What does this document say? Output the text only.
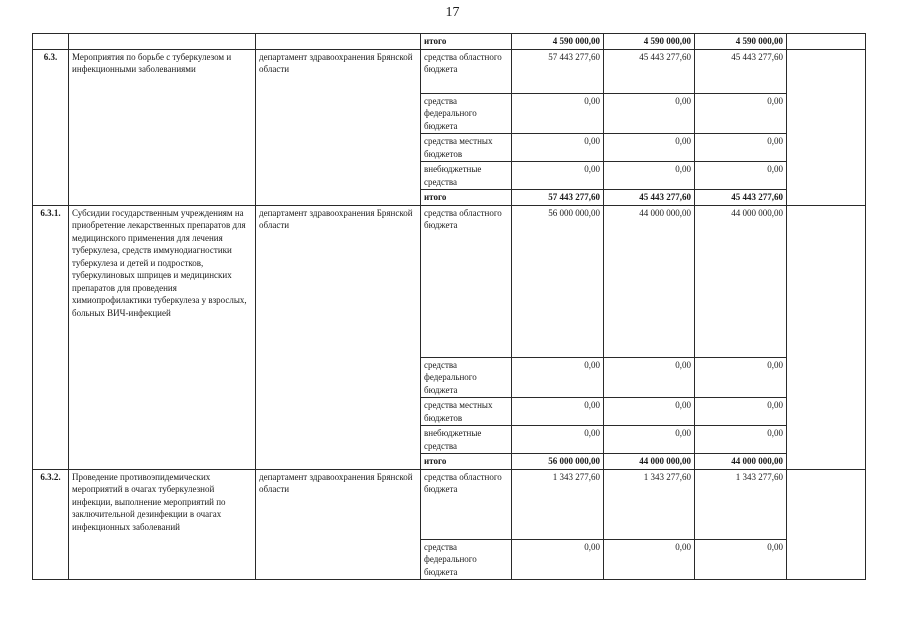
17
			итого	4 590 000,00	4 590 000,00	4 590 000,00	
6.3.	Мероприятия по борьбе с туберкулезом и инфекционными заболеваниями	департамент здравоохранения Брянской области	средства областного бюджета	57 443 277,60	45 443 277,60	45 443 277,60	
			средства федерального бюджета	0,00	0,00	0,00	
			средства местных бюджетов	0,00	0,00	0,00	
			внебюджетные средства	0,00	0,00	0,00	
			итого	57 443 277,60	45 443 277,60	45 443 277,60	
6.3.1.	Субсидии государственным учреждениям на приобретение лекарственных препаратов для медицинского применения для лечения туберкулеза, средств иммунодиагностики туберкулеза и детей и подростков, туберкулиновых шприцев и медицинских препаратов для проведения химиопрофилактики туберкулеза у взрослых, больных ВИЧ-инфекцией	департамент здравоохранения Брянской области	средства областного бюджета	56 000 000,00	44 000 000,00	44 000 000,00	
			средства федерального бюджета	0,00	0,00	0,00	
			средства местных бюджетов	0,00	0,00	0,00	
			внебюджетные средства	0,00	0,00	0,00	
			итого	56 000 000,00	44 000 000,00	44 000 000,00	
6.3.2.	Проведение противоэпидемических мероприятий в очагах туберкулезной инфекции, выполнение мероприятий по заключительной дезинфекции в очагах инфекционных заболеваний	департамент здравоохранения Брянской области	средства областного бюджета	1 343 277,60	1 343 277,60	1 343 277,60	
			средства федерального бюджета	0,00	0,00	0,00	
